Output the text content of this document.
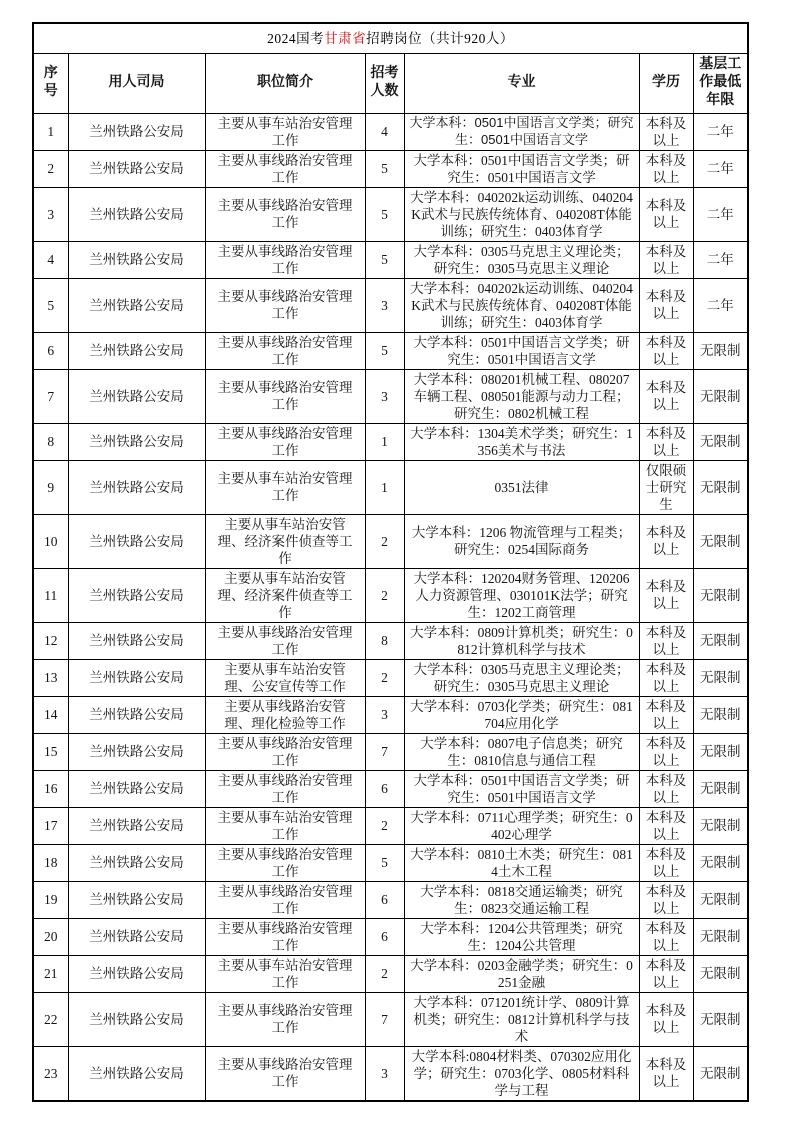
2024国考甘肃省招聘岗位（共计920人）						
序号	用人司局	职位简介	招考人数	专业	学历	基层工作最低年限
1	兰州铁路公安局	主要从事车站治安管理工作	4	大学本科：0501中国语言文学类；研究生：0501中国语言文学	本科及以上	二年
2	兰州铁路公安局	主要从事线路治安管理工作	5	大学本科：0501中国语言文学类；研究生：0501中国语言文学	本科及以上	二年
3	兰州铁路公安局	主要从事线路治安管理工作	5	大学本科：040202k运动训练、040204K武术与民族传统体育、040208T体能训练；研究生：0403体育学	本科及以上	二年
4	兰州铁路公安局	主要从事线路治安管理工作	5	大学本科：0305马克思主义理论类；研究生：0305马克思主义理论	本科及以上	二年
5	兰州铁路公安局	主要从事线路治安管理工作	3	大学本科：040202k运动训练、040204K武术与民族传统体育、040208T体能训练；研究生：0403体育学	本科及以上	二年
6	兰州铁路公安局	主要从事线路治安管理工作	5	大学本科：0501中国语言文学类；研究生：0501中国语言文学	本科及以上	无限制
7	兰州铁路公安局	主要从事线路治安管理工作	3	大学本科：080201机械工程、080207车辆工程、080501能源与动力工程；研究生：0802机械工程	本科及以上	无限制
8	兰州铁路公安局	主要从事线路治安管理工作	1	大学本科：1304美术学类；研究生：1356美术与书法	本科及以上	无限制
9	兰州铁路公安局	主要从事车站治安管理工作	1	0351法律	仅限硕士研究生	无限制
10	兰州铁路公安局	主要从事车站治安管理、经济案件侦查等工作	2	大学本科：1206 物流管理与工程类；研究生：0254国际商务	本科及以上	无限制
11	兰州铁路公安局	主要从事车站治安管理、经济案件侦查等工作	2	大学本科：120204财务管理、120206人力资源管理、030101K法学；研究生：1202工商管理	本科及以上	无限制
12	兰州铁路公安局	主要从事线路治安管理工作	8	大学本科：0809计算机类；研究生：0812计算机科学与技术	本科及以上	无限制
13	兰州铁路公安局	主要从事车站治安管理、公安宣传等工作	2	大学本科：0305马克思主义理论类；研究生：0305马克思主义理论	本科及以上	无限制
14	兰州铁路公安局	主要从事线路治安管理、理化检验等工作	3	大学本科：0703化学类；研究生：081704应用化学	本科及以上	无限制
15	兰州铁路公安局	主要从事线路治安管理工作	7	大学本科：0807电子信息类；研究生：0810信息与通信工程	本科及以上	无限制
16	兰州铁路公安局	主要从事线路治安管理工作	6	大学本科：0501中国语言文学类；研究生：0501中国语言文学	本科及以上	无限制
17	兰州铁路公安局	主要从事车站治安管理工作	2	大学本科：0711心理学类；研究生：0402心理学	本科及以上	无限制
18	兰州铁路公安局	主要从事线路治安管理工作	5	大学本科：0810土木类；研究生：0814土木工程	本科及以上	无限制
19	兰州铁路公安局	主要从事线路治安管理工作	6	大学本科：0818交通运输类；研究生：0823交通运输工程	本科及以上	无限制
20	兰州铁路公安局	主要从事线路治安管理工作	6	大学本科：1204公共管理类；研究生：1204公共管理	本科及以上	无限制
21	兰州铁路公安局	主要从事车站治安管理工作	2	大学本科：0203金融学类；研究生：0251金融	本科及以上	无限制
22	兰州铁路公安局	主要从事线路治安管理工作	7	大学本科：071201统计学、0809计算机类；研究生：0812计算机科学与技术	本科及以上	无限制
23	兰州铁路公安局	主要从事线路治安管理工作	3	大学本科:0804材料类、070302应用化学；研究生：0703化学、0805材料科学与工程	本科及以上	无限制
